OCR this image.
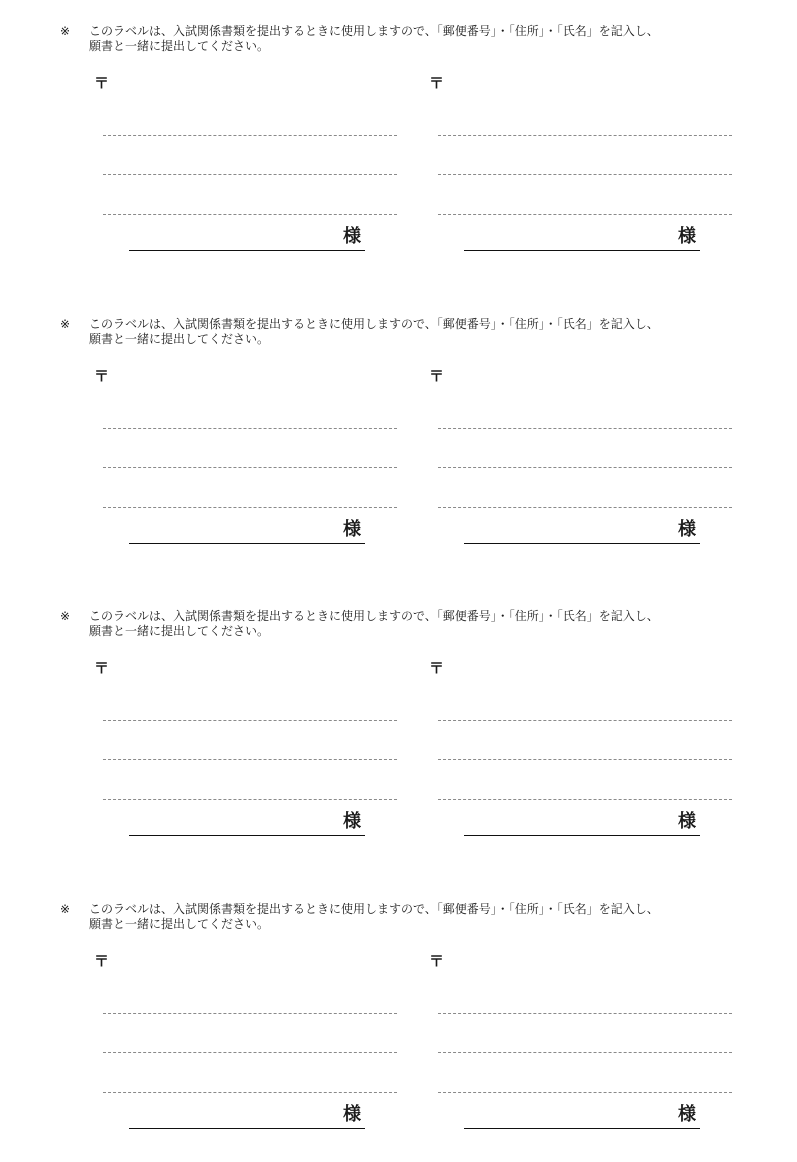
※	このラベルは、入試関係書類を提出するときに使用しますので、「郵便番号」・「住所」・「氏名」を記入し、
願書と一緒に提出してください。
〒
様
〒
様
※	このラベルは、入試関係書類を提出するときに使用しますので、「郵便番号」・「住所」・「氏名」を記入し、
願書と一緒に提出してください。
〒
様
〒
様
※	このラベルは、入試関係書類を提出するときに使用しますので、「郵便番号」・「住所」・「氏名」を記入し、
願書と一緒に提出してください。
〒
様
〒
様
※	このラベルは、入試関係書類を提出するときに使用しますので、「郵便番号」・「住所」・「氏名」を記入し、
願書と一緒に提出してください。
〒
様
〒
様
